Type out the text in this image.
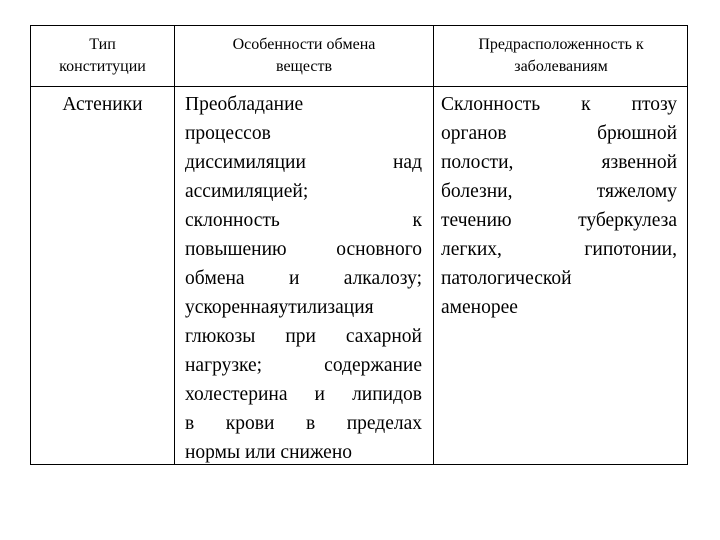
Тип
конституции
Особенности обмена
веществ
Предрасположенность к
заболеваниям
Астеники	Преобладание
процессов
диссимиляции над
ассимиляцией;
склонность к
повышению основного
обмена и алкалозу;
ускореннаяутилизация
глюкозы при сахарной
нагрузке; содержание
холестерина и липидов
в крови в пределах
нормы или снижено
Склонность к птозу
органов брюшной
полости, язвенной
болезни, тяжелому
течению туберкулеза
легких, гипотонии,
патологической
аменорее
